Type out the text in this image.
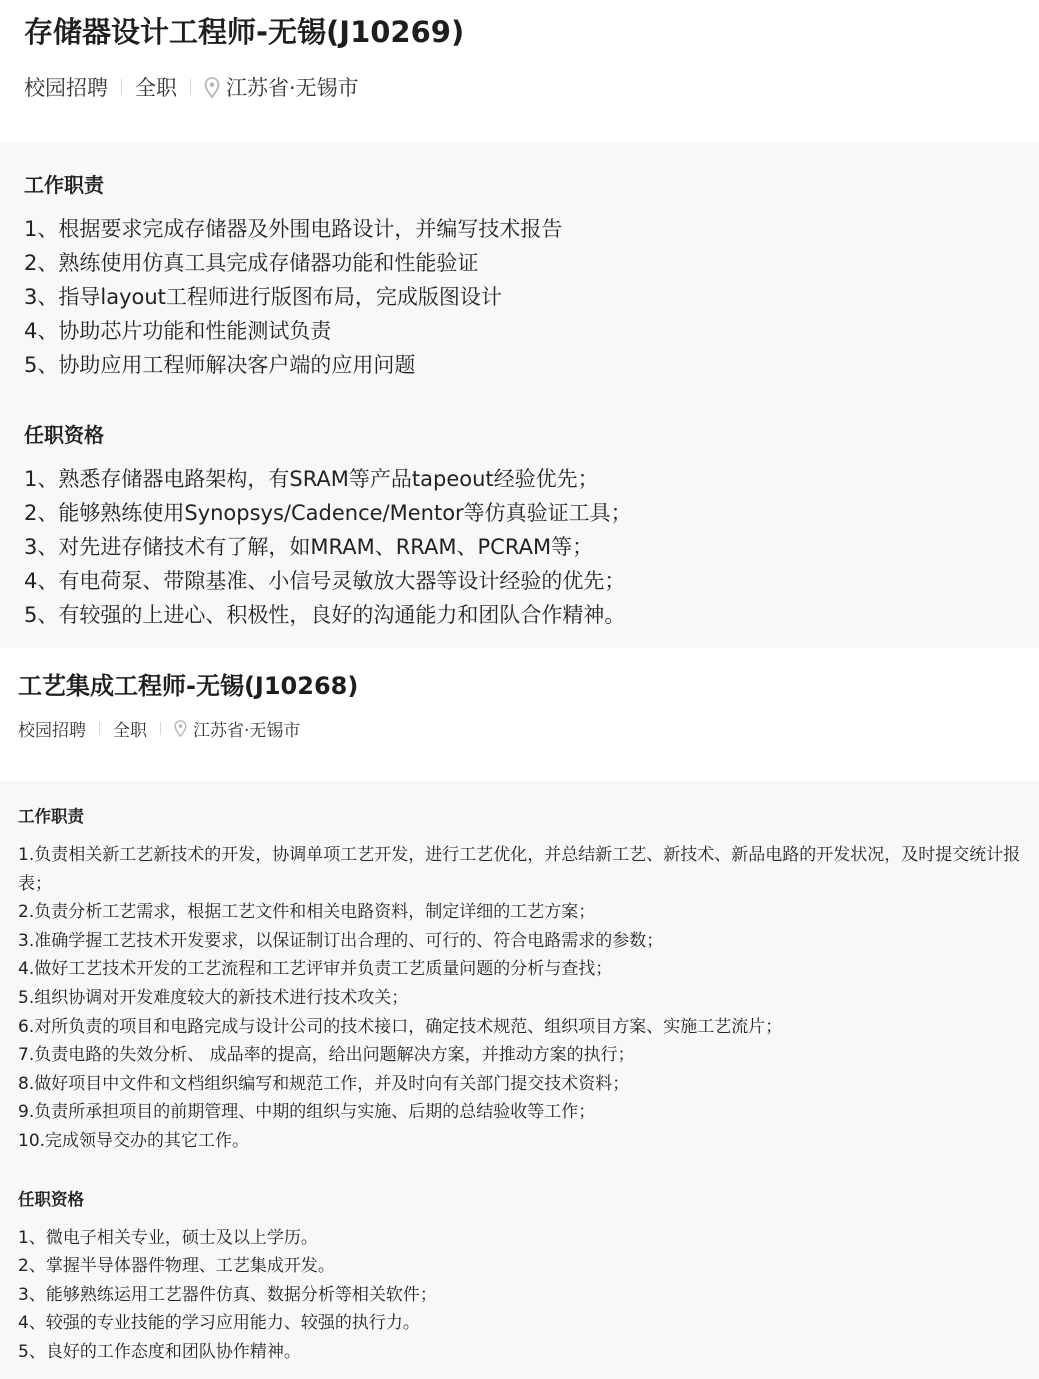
存储器设计工程师-无锡(J10269)
校园招聘 全职 江苏省·无锡市
工作职责
1、根据要求完成存储器及外围电路设计，并编写技术报告
2、熟练使用仿真工具完成存储器功能和性能验证
3、指导layout工程师进行版图布局，完成版图设计
4、协助芯片功能和性能测试负责
5、协助应用工程师解决客户端的应用问题
任职资格
1、熟悉存储器电路架构，有SRAM等产品tapeout经验优先；
2、能够熟练使用Synopsys/Cadence/Mentor等仿真验证工具；
3、对先进存储技术有了解，如MRAM、RRAM、PCRAM等；
4、有电荷泵、带隙基准、小信号灵敏放大器等设计经验的优先；
5、有较强的上进心、积极性，良好的沟通能力和团队合作精神。
工艺集成工程师-无锡(J10268)
校园招聘 全职	江苏省·无锡市
工作职责
1.负责相关新工艺新技术的开发，协调单项工艺开发，进行工艺优化，并总结新工艺、新技术、新品电路的开发状况，及时提交统计报表；
2.负责分析工艺需求，根据工艺文件和相关电路资料，制定详细的工艺方案；
3.准确学握工艺技术开发要求，以保证制订出合理的、可行的、符合电路需求的参数；
4.做好工艺技术开发的工艺流程和工艺评审并负责工艺质量问题的分析与查找；
5.组织协调对开发难度较大的新技术进行技术攻关；
6.对所负责的项目和电路完成与设计公司的技术接口，确定技术规范、组织项目方案、实施工艺流片；
7.负责电路的失效分析、 成品率的提高，给出问题解决方案，并推动方案的执行；
8.做好项目中文件和文档组织编写和规范工作，并及时向有关部门提交技术资料；
9.负责所承担项目的前期管理、中期的组织与实施、后期的总结验收等工作；
10.完成领导交办的其它工作。
任职资格
1、微电子相关专业，硕士及以上学历。
2、掌握半导体器件物理、工艺集成开发。
3、能够熟练运用工艺器件仿真、数据分析等相关软件；
4、较强的专业技能的学习应用能力、较强的执行力。
5、良好的工作态度和团队协作精神。
